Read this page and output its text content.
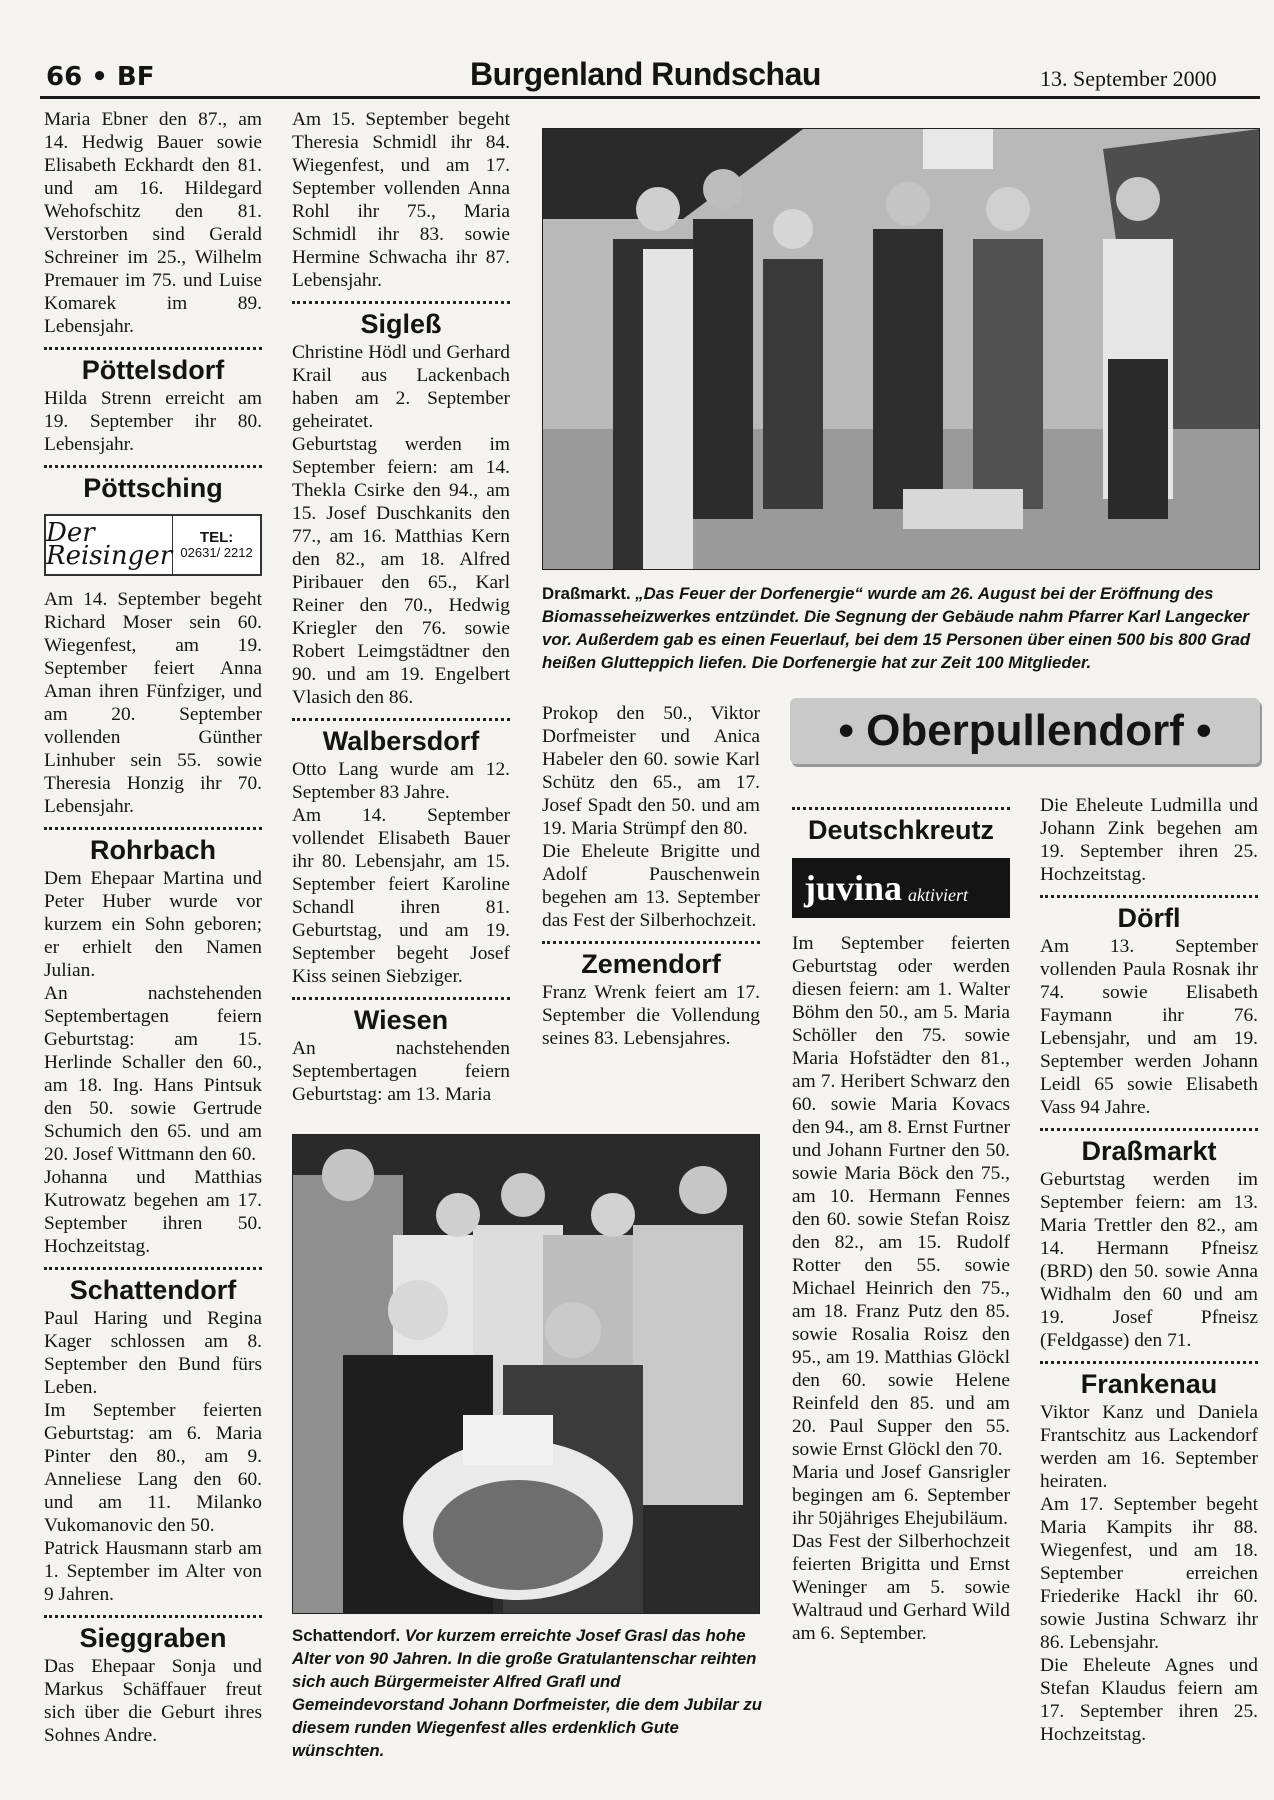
66 • BF	Burgenland Rundschau	13. September 2000

Maria Ebner den 87., am 14. Hedwig Bauer sowie Elisabeth Eckhardt den 81. und am 16. Hildegard Wehofschitz den 81. Verstorben sind Gerald Schreiner im 25., Wilhelm Premauer im 75. und Luise Komarek im 89. Lebensjahr.

Pöttelsdorf

Hilda Strenn erreicht am 19. September ihr 80. Lebensjahr.

Pöttsching
Der Reisinger
TEL:
02631/ 2212

Am 14. September begeht Richard Moser sein 60. Wiegenfest, am 19. September feiert Anna Aman ihren Fünfziger, und am 20. September vollenden Günther Linhuber sein 55. sowie Theresia Honzig ihr 70. Lebensjahr.

Rohrbach

Dem Ehepaar Martina und Peter Huber wurde vor kurzem ein Sohn geboren; er erhielt den Namen Julian.

An nachstehenden Septembertagen feiern Geburtstag: am 15. Herlinde Schaller den 60., am 18. Ing. Hans Pintsuk den 50. sowie Gertrude Schumich den 65. und am 20. Josef Wittmann den 60.

Johanna und Matthias Kutrowatz begehen am 17. September ihren 50. Hochzeitstag.

Schattendorf

Paul Haring und Regina Kager schlossen am 8. September den Bund fürs Leben.

Im September feierten Geburtstag: am 6. Maria Pinter den 80., am 9. Anneliese Lang den 60. und am 11. Milanko Vukomanovic den 50.

Patrick Hausmann starb am 1. September im Alter von 9 Jahren.

Sieggraben

Das Ehepaar Sonja und Markus Schäffauer freut sich über die Geburt ihres Sohnes Andre.

Am 15. September begeht Theresia Schmidl ihr 84. Wiegenfest, und am 17. September vollenden Anna Rohl ihr 75., Maria Schmidl ihr 83. sowie Hermine Schwacha ihr 87. Lebensjahr.

Sigleß

Christine Hödl und Gerhard Krail aus Lackenbach haben am 2. September geheiratet.

Geburtstag werden im September feiern: am 14. Thekla Csirke den 94., am 15. Josef Duschkanits den 77., am 16. Matthias Kern den 82., am 18. Alfred Piribauer den 65., Karl Reiner den 70., Hedwig Kriegler den 76. sowie Robert Leimgstädtner den 90. und am 19. Engelbert Vlasich den 86.

Walbersdorf

Otto Lang wurde am 12. September 83 Jahre.

Am 14. September vollendet Elisabeth Bauer ihr 80. Lebensjahr, am 15. September feiert Karoline Schandl ihren 81. Geburtstag, und am 19. September begeht Josef Kiss seinen Siebziger.

Wiesen

An nachstehenden Septembertagen feiern Geburtstag: am 13. Maria

Draßmarkt. „Das Feuer der Dorfenergie“ wurde am 26. August bei der Eröffnung des Biomasseheizwerkes entzündet. Die Segnung der Gebäude nahm Pfarrer Karl Langecker vor. Außerdem gab es einen Feuerlauf, bei dem 15 Personen über einen 500 bis 800 Grad heißen Glutteppich liefen. Die Dorfenergie hat zur Zeit 100 Mitglieder.

Prokop den 50., Viktor Dorfmeister und Anica Habeler den 60. sowie Karl Schütz den 65., am 17. Josef Spadt den 50. und am 19. Maria Strümpf den 80.

Die Eheleute Brigitte und Adolf Pauschenwein begehen am 13. September das Fest der Silberhochzeit.

Zemendorf

Franz Wrenk feiert am 17. September die Vollendung seines 83. Lebensjahres.

• Oberpullendorf •
Deutschkreutz
juvina aktiviert

Im September feierten Geburtstag oder werden diesen feiern: am 1. Walter Böhm den 50., am 5. Maria Schöller den 75. sowie Maria Hofstädter den 81., am 7. Heribert Schwarz den 60. sowie Maria Kovacs den 94., am 8. Ernst Furtner und Johann Furtner den 50. sowie Maria Böck den 75., am 10. Hermann Fennes den 60. sowie Stefan Roisz den 82., am 15. Rudolf Rotter den 55. sowie Michael Heinrich den 75., am 18. Franz Putz den 85. sowie Rosalia Roisz den 95., am 19. Matthias Glöckl den 60. sowie Helene Reinfeld den 85. und am 20. Paul Supper den 55. sowie Ernst Glöckl den 70.

Maria und Josef Gansrigler begingen am 6. September ihr 50jähriges Ehejubiläum.

Das Fest der Silberhochzeit feierten Brigitta und Ernst Weninger am 5. sowie Waltraud und Gerhard Wild am 6. September.

Die Eheleute Ludmilla und Johann Zink begehen am 19. September ihren 25. Hochzeitstag.

Dörfl

Am 13. September vollenden Paula Rosnak ihr 74. sowie Elisabeth Faymann ihr 76. Lebensjahr, und am 19. September werden Johann Leidl 65 sowie Elisabeth Vass 94 Jahre.

Draßmarkt

Geburtstag werden im September feiern: am 13. Maria Trettler den 82., am 14. Hermann Pfneisz (BRD) den 50. sowie Anna Widhalm den 60 und am 19. Josef Pfneisz (Feldgasse) den 71.

Frankenau

Viktor Kanz und Daniela Frantschitz aus Lackendorf werden am 16. September heiraten.

Am 17. September begeht Maria Kampits ihr 88. Wiegenfest, und am 18. September erreichen Friederike Hackl ihr 60. sowie Justina Schwarz ihr 86. Lebensjahr.

Die Eheleute Agnes und Stefan Klaudus feiern am 17. September ihren 25. Hochzeitstag.

Schattendorf. Vor kurzem erreichte Josef Grasl das hohe Alter von 90 Jahren. In die große Gratulantenschar reihten sich auch Bürgermeister Alfred Grafl und Gemeindevorstand Johann Dorfmeister, die dem Jubilar zu diesem runden Wiegenfest alles erdenklich Gute wünschten.
